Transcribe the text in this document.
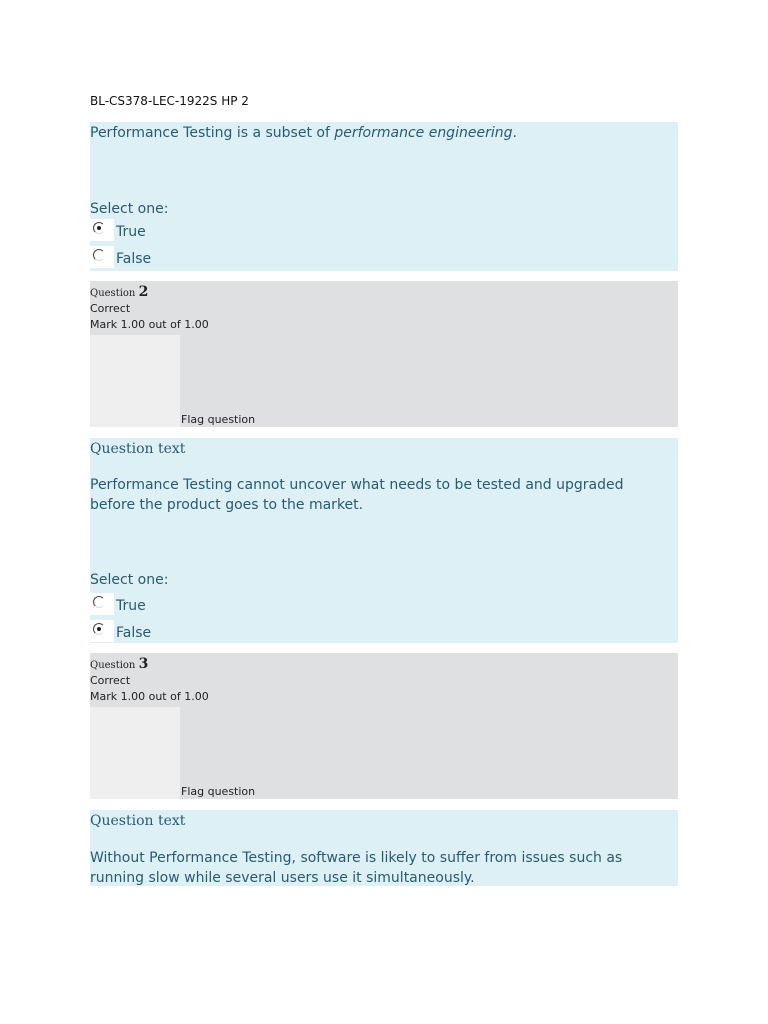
BL-CS378-LEC-1922S HP 2
Performance Testing is a subset of performance engineering.
Select one:
True
False
Question 2
Correct
Mark 1.00 out of 1.00
Flag question
Question text
Performance Testing cannot uncover what needs to be tested and upgraded before the product goes to the market.
Select one:
True
False
Question 3
Correct
Mark 1.00 out of 1.00
Flag question
Question text
Without Performance Testing, software is likely to suffer from issues such as running slow while several users use it simultaneously.
